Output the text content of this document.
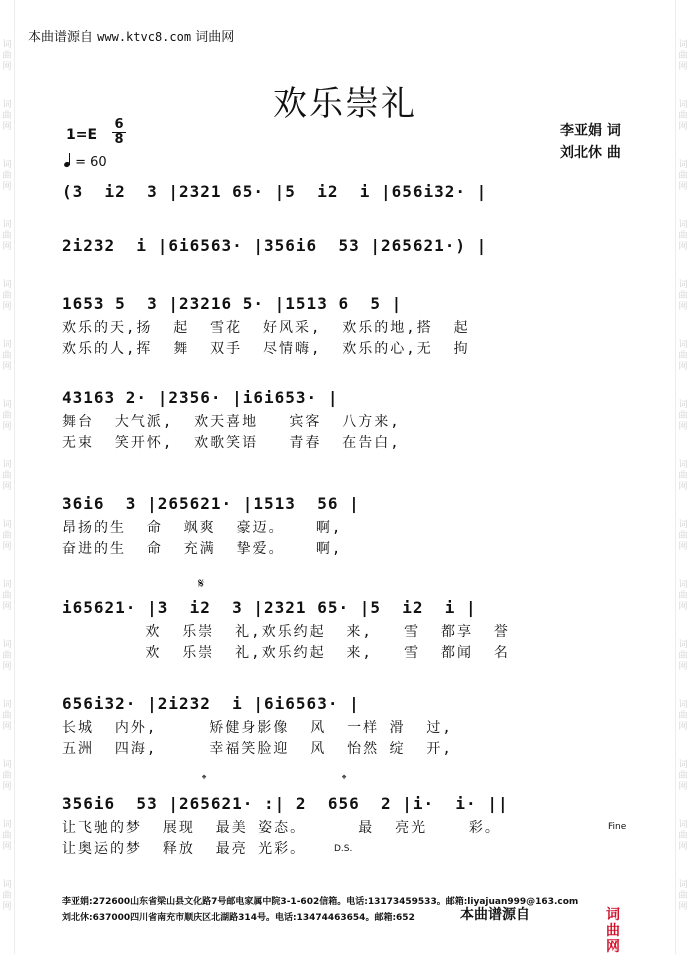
词
曲
网
词
曲
网
词
曲
网
词
曲
网
词
曲
网
词
曲
网
词
曲
网
词
曲
网
词
曲
网
词
曲
网
词
曲
网
词
曲
网
词
曲
网
词
曲
网
词
曲
网
词
曲
网
词
曲
网
词
曲
网
词
曲
网
词
曲
网
词
曲
网
词
曲
网
词
曲
网
词
曲
网
词
曲
网
词
曲
网
词
曲
网
词
曲
网
词
曲
网
词
曲
网
本曲谱源自 www.ktvc8.com 词曲网
欢乐崇礼
1=E
6
8
= 60
李亚娟 词
刘北休 曲
(3  i2  3 |2321 65· |5  i2  i |656i32· |
2i232  i |6i6563· |356i6  53 |265621·) |
1653 5  3 |23216 5· |1513 6  5 |
欢乐的天,扬  起  雪花  好风采,  欢乐的地,搭  起
欢乐的人,挥  舞  双手  尽情嗨,  欢乐的心,无  拘
43163 2· |2356· |i6i653· |
舞台  大气派,  欢天喜地   宾客  八方来,
无束  笑开怀,  欢歌笑语   青春  在告白,
36i6  3 |265621· |1513  56 |
昂扬的生  命  飒爽  豪迈。   啊,
奋进的生  命  充满  挚爱。   啊,
𝄋
i65621· |3  i2  3 |2321 65· |5  i2  i |
欢  乐崇  礼,欢乐约起  来,   雪  都享  誉
欢  乐崇  礼,欢乐约起  来,   雪  都闻  名
656i32· |2i232  i |6i6563· |
长城  内外,     矫健身影像  风  一样 滑  过,
五洲  四海,     幸福笑脸迎  风  怡然 绽  开,
𝄌	𝄌
356i6  53 |265621· :| 2  656  2 |i·  i· ||
让飞驰的梦  展现  最美 姿态。     最  亮光    彩。
让奥运的梦  释放  最亮 光彩。	D.S.
Fine
李亚娟:272600山东省梁山县文化路7号邮电家属中院3-1-602信箱。电话:13173459533。邮箱:liyajuan999@163.com
刘北休:637000四川省南充市顺庆区北湖路314号。电话:13474463654。邮箱:652	本曲谱源自	词曲网
